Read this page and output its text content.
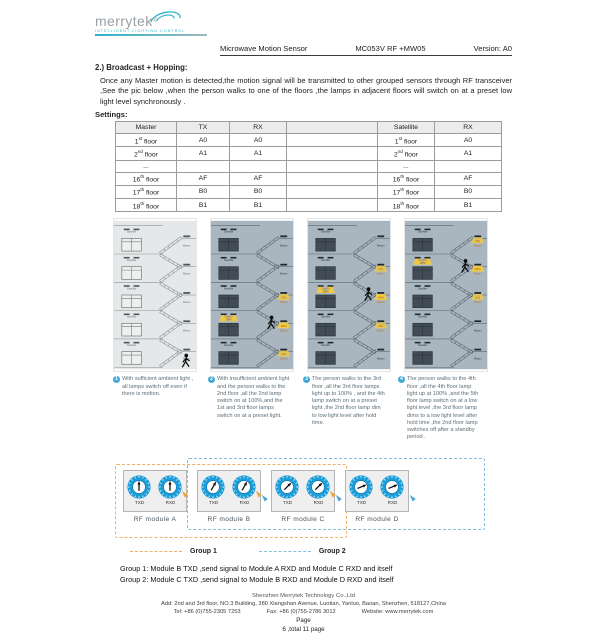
merrytek®
INTELLIGENT LIGHTING CONTROL
Microwave Motion Sensor	MC053V RF +MW05	Version: A0
2.) Broadcast + Hopping:
Once any Master motion is detected,the motion signal will be transmitted to other grouped sensors through RF transceiver ,See the pic below ,when the person walks to one of the floors ,the lamps in adjacent floors will switch on at a preset low light level synchronously .
Settings:
Master	TX	RX		Satellite	RX
1st floor	A0	A0		1st floor	A0
2nd floor	A1	A1		2nd floor	A1
...				...	
16th floor	AF	AF		16th floor	AF
17th floor	B0	B0		17th floor	B0
18th floor	B1	B1		18th floor	B1
Satellite
Master
Satellite
Master
Satellite
Master
Satellite
Master
Satellite
Master
Satellite
10%
Master
100%
Satellite
100%
Master
Satellite
10%
Master
Satellite
Master
Satellite
Master
Satellite
Master
Satellite
10%
Master
100%
Satellite
100%
Master
Satellite
10%
Master
Satellite
Master
Satellite
Master
Satellite
Master
Satellite
10%
Master
100%
Satellite
100%
Master
Satellite
10%
Master
1 With sufficient ambient light , all lamps switch off even if there is motion.
2 With insufficient ambient light and the person walks to the 2nd floor ,all the 2nd lamp switch on at 100%,and the 1st and 3rd floor lamps switch on at a preset light.
3 The person walks to the 3rd floor ,all the 3rd floor lamps light up to 100% , and the 4th lamp switch on at a preset light ,the 2nd floor lamp dim to low light level after hold time.
4 The person walks to the 4th floor ,all the 4th floor lamp light up at 100% ,and the 5th floor lamp switch on at a low light level ,the 3rd floor lamp dims to a low light level after hold time ,the 2nd floor lamp switches off after a standby period .
TXD	RXD
RF module A
TXD	RXD
RF module B
TXD	RXD
RF module C
TXD	RXD
RF module D
Group 1	Group 2
Group 1: Module B TXD ,send signal to Module A RXD and Module C RXD and itself
Group 2: Module C TXD ,send signal to Module B RXD and Module D RXD and itself
Shenzhen Merrytek Technology Co.,Ltd
Add: 2nd and 3rd floor, NO.3 Building, 380 Xiangshan Avenue, Luotian, Yanluo, Baoan, Shenzhen, 518127,China
Tel: +86 (0)755-2305 7253	Fax: +86 (0)755-2786 3012	Website: www.merrytek.com
Page
6 ,total 11 page
